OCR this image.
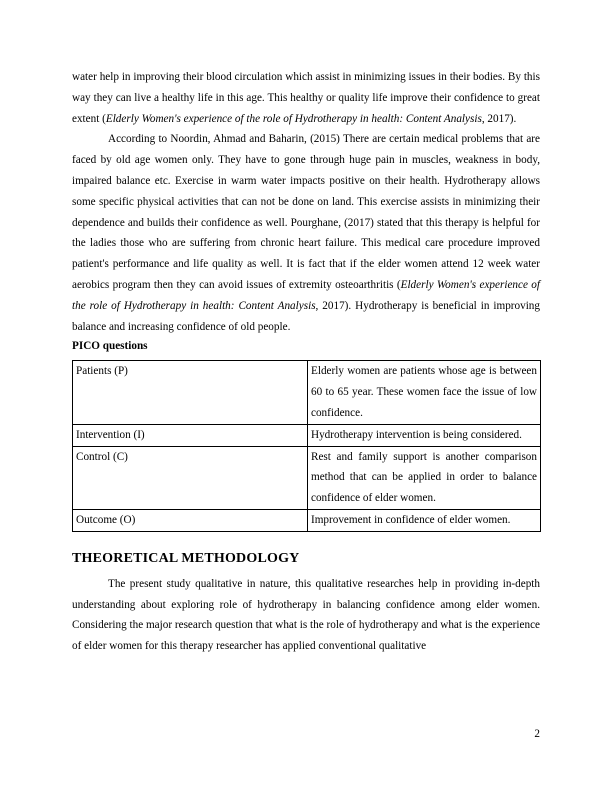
water help in improving their blood circulation which assist in minimizing issues in their bodies. By this way they can live a healthy life in this age. This healthy or quality life improve their confidence to great extent (Elderly Women's experience of the role of Hydrotherapy in health: Content Analysis, 2017).

According to Noordin, Ahmad and Baharin, (2015) There are certain medical problems that are faced by old age women only. They have to gone through huge pain in muscles, weakness in body, impaired balance etc. Exercise in warm water impacts positive on their health. Hydrotherapy allows some specific physical activities that can not be done on land. This exercise assists in minimizing their dependence and builds their confidence as well. Pourghane, (2017) stated that this therapy is helpful for the ladies those who are suffering from chronic heart failure. This medical care procedure improved patient's performance and life quality as well. It is fact that if the elder women attend 12 week water aerobics program then they can avoid issues of extremity osteoarthritis (Elderly Women's experience of the role of Hydrotherapy in health: Content Analysis, 2017). Hydrotherapy is beneficial in improving balance and increasing confidence of old people.

PICO questions
Patients (P)	Elderly women are patients whose age is between 60 to 65 year. These women face the issue of low confidence.
Intervention (I)	Hydrotherapy intervention is being considered.
Control (C)	Rest and family support is another comparison method that can be applied in order to balance confidence of elder women.
Outcome (O)	Improvement in confidence of elder women.
THEORETICAL METHODOLOGY

The present study qualitative in nature, this qualitative researches help in providing in-depth understanding about exploring role of hydrotherapy in balancing confidence among elder women. Considering the major research question that what is the role of hydrotherapy and what is the experience of elder women for this therapy researcher has applied conventional qualitative

2
